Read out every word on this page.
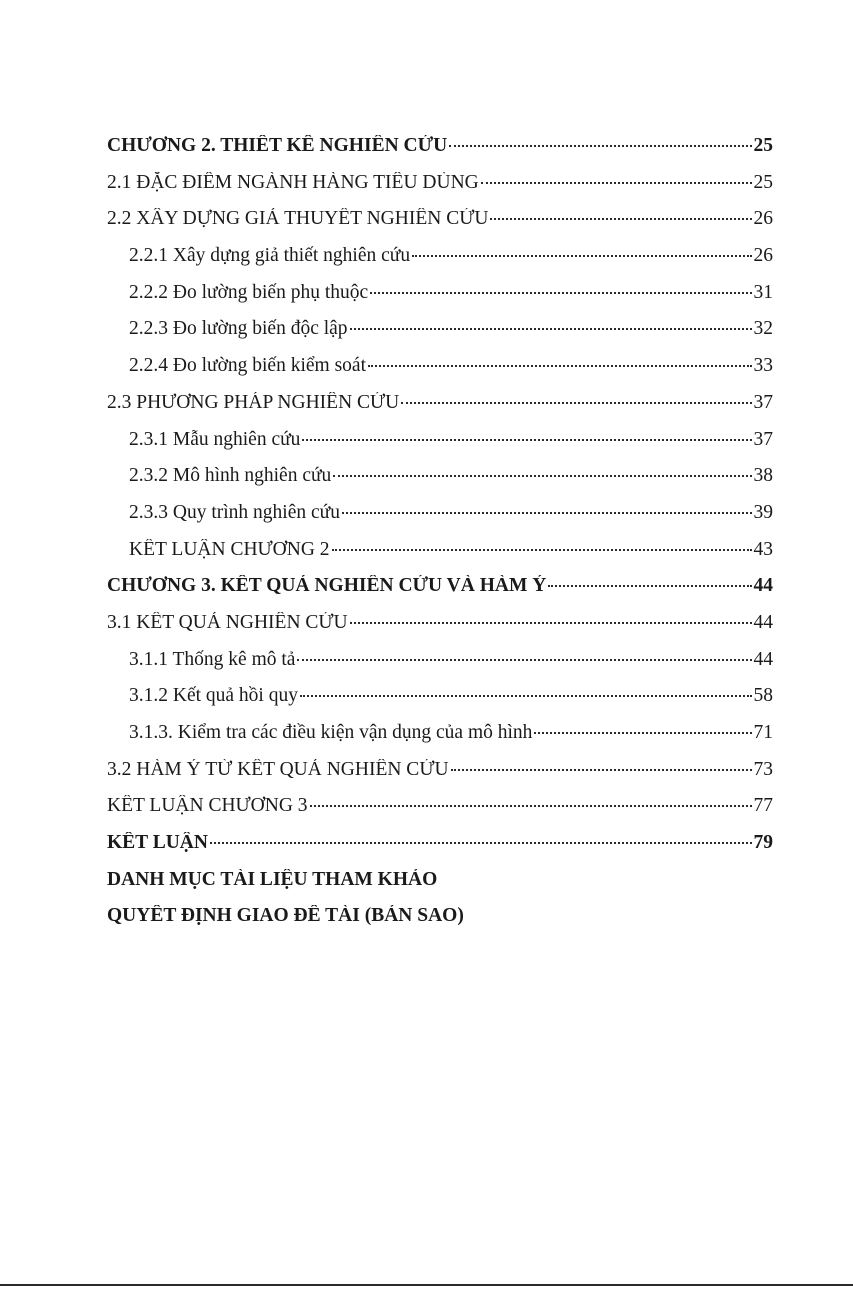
CHƯƠNG 2. THIẾT KẾ NGHIÊN CỨU	25
2.1 ĐẶC ĐIỂM NGÀNH HÀNG TIÊU DÙNG	25
2.2 XÂY DỰNG GIẢ THUYẾT NGHIÊN CỨU	26
2.2.1 Xây dựng giả thiết nghiên cứu	26
2.2.2 Đo lường biến phụ thuộc	31
2.2.3 Đo lường biến độc lập	32
2.2.4 Đo lường biến kiểm soát	33
2.3 PHƯƠNG PHÁP NGHIÊN CỨU	37
2.3.1 Mẫu nghiên cứu	37
2.3.2 Mô hình nghiên cứu	38
2.3.3 Quy trình nghiên cứu	39
KẾT LUẬN CHƯƠNG 2	43
CHƯƠNG 3. KẾT QUẢ NGHIÊN CỨU VÀ HÀM Ý	44
3.1 KẾT QUẢ NGHIÊN CỨU	44
3.1.1 Thống kê mô tả	44
3.1.2 Kết quả hồi quy	58
3.1.3. Kiểm tra các điều kiện vận dụng của mô hình	71
3.2 HÀM Ý TỪ KẾT QUẢ NGHIÊN CỨU	73
KẾT LUẬN CHƯƠNG 3	77
KẾT LUẬN	79
DANH MỤC TÀI LIỆU THAM KHẢO
QUYẾT ĐỊNH GIAO ĐỀ TÀI (BẢN SAO)
